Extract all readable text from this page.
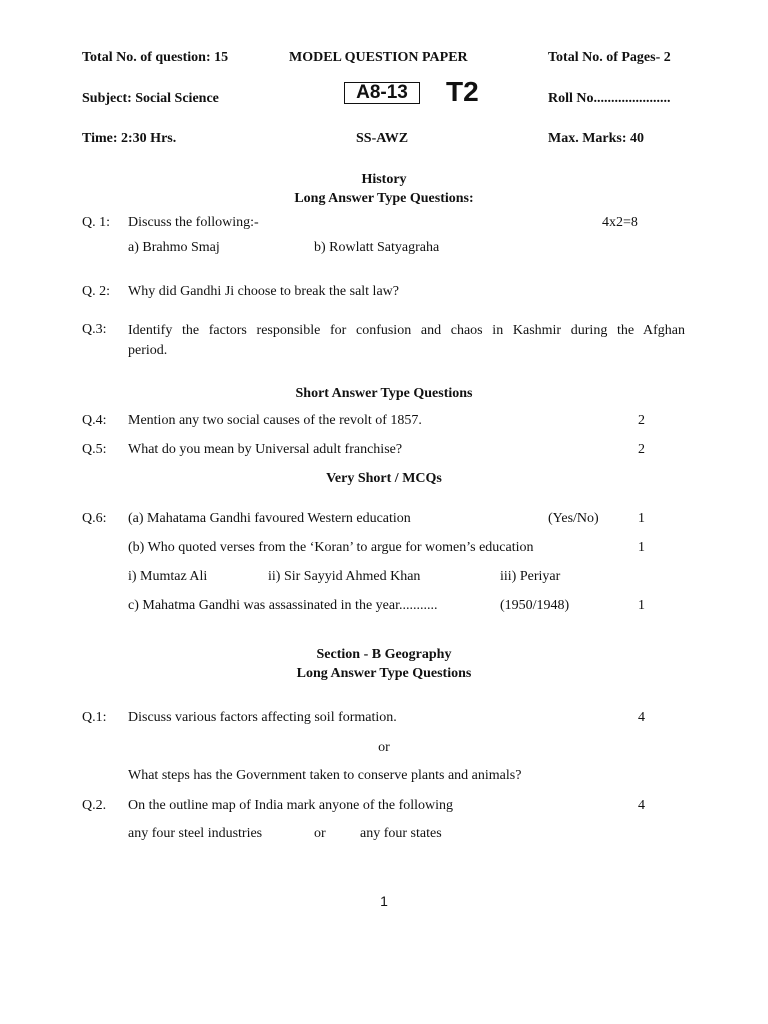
Total No. of question: 15	MODEL QUESTION PAPER	Total No. of Pages- 2
Subject: Social Science	A8-13	T2	Roll No......................
Time: 2:30 Hrs.	SS-AWZ	Max. Marks: 40
History
Long Answer Type Questions:
Q. 1: Discuss the following:-	4x2=8
a) Brahmo Smaj	b) Rowlatt Satyagraha
Q. 2: Why did Gandhi Ji choose to break the salt law?
Q.3: Identify the factors responsible for confusion and chaos in Kashmir during the Afghan
period.
Short Answer Type Questions
Q.4: Mention any two social causes of the revolt of 1857.	2
Q.5: What do you mean by Universal adult franchise?	2
Very Short / MCQs
Q.6: (a) Mahatama Gandhi favoured Western education	(Yes/No)	1
(b) Who quoted verses from the ‘Koran’ to argue for women’s education	1
i) Mumtaz Ali	ii) Sir Sayyid Ahmed Khan	iii) Periyar
c) Mahatma Gandhi was assassinated in the year...........	(1950/1948)	1
Section - B Geography
Long Answer Type Questions
Q.1: Discuss various factors affecting soil formation.	4
or
What steps has the Government taken to conserve plants and animals?
Q.2. On the outline map of India mark anyone of the following	4
any four steel industries	or any four states
1
